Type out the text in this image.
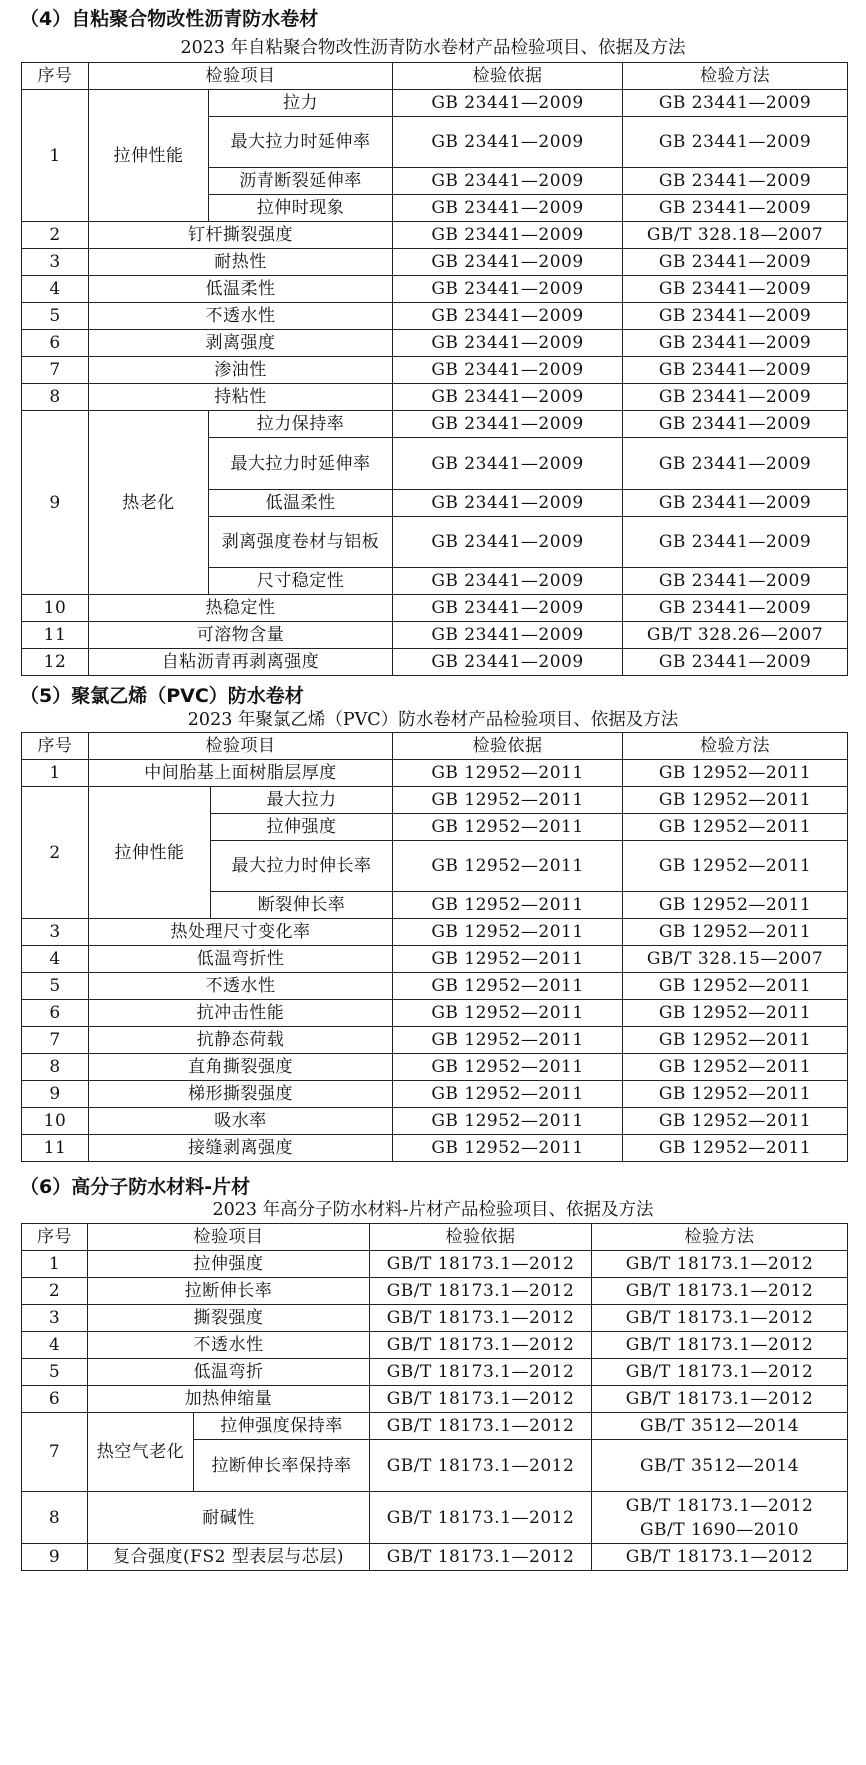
（4）自粘聚合物改性沥青防水卷材
2023 年自粘聚合物改性沥青防水卷材产品检验项目、依据及方法
序号	检验项目		检验依据	检验方法
1	拉伸性能	拉力	GB 23441—2009	GB 23441—2009
		最大拉力时延伸率	GB 23441—2009	GB 23441—2009
		沥青断裂延伸率	GB 23441—2009	GB 23441—2009
		拉伸时现象	GB 23441—2009	GB 23441—2009
2	钉杆撕裂强度		GB 23441—2009	GB/T 328.18—2007
3	耐热性		GB 23441—2009	GB 23441—2009
4	低温柔性		GB 23441—2009	GB 23441—2009
5	不透水性		GB 23441—2009	GB 23441—2009
6	剥离强度		GB 23441—2009	GB 23441—2009
7	渗油性		GB 23441—2009	GB 23441—2009
8	持粘性		GB 23441—2009	GB 23441—2009
9	热老化	拉力保持率	GB 23441—2009	GB 23441—2009
		最大拉力时延伸率	GB 23441—2009	GB 23441—2009
		低温柔性	GB 23441—2009	GB 23441—2009
		剥离强度卷材与铝板	GB 23441—2009	GB 23441—2009
		尺寸稳定性	GB 23441—2009	GB 23441—2009
10	热稳定性		GB 23441—2009	GB 23441—2009
11	可溶物含量		GB 23441—2009	GB/T 328.26—2007
12	自粘沥青再剥离强度		GB 23441—2009	GB 23441—2009
（5）聚氯乙烯（PVC）防水卷材
2023 年聚氯乙烯（PVC）防水卷材产品检验项目、依据及方法
序号	检验项目		检验依据	检验方法
1	中间胎基上面树脂层厚度		GB 12952—2011	GB 12952—2011
2	拉伸性能	最大拉力	GB 12952—2011	GB 12952—2011
		拉伸强度	GB 12952—2011	GB 12952—2011
		最大拉力时伸长率	GB 12952—2011	GB 12952—2011
		断裂伸长率	GB 12952—2011	GB 12952—2011
3	热处理尺寸变化率		GB 12952—2011	GB 12952—2011
4	低温弯折性		GB 12952—2011	GB/T 328.15—2007
5	不透水性		GB 12952—2011	GB 12952—2011
6	抗冲击性能		GB 12952—2011	GB 12952—2011
7	抗静态荷载		GB 12952—2011	GB 12952—2011
8	直角撕裂强度		GB 12952—2011	GB 12952—2011
9	梯形撕裂强度		GB 12952—2011	GB 12952—2011
10	吸水率		GB 12952—2011	GB 12952—2011
11	接缝剥离强度		GB 12952—2011	GB 12952—2011
（6）高分子防水材料-片材
2023 年高分子防水材料-片材产品检验项目、依据及方法
序号	检验项目		检验依据	检验方法
1	拉伸强度		GB/T 18173.1—2012	GB/T 18173.1—2012
2	拉断伸长率		GB/T 18173.1—2012	GB/T 18173.1—2012
3	撕裂强度		GB/T 18173.1—2012	GB/T 18173.1—2012
4	不透水性		GB/T 18173.1—2012	GB/T 18173.1—2012
5	低温弯折		GB/T 18173.1—2012	GB/T 18173.1—2012
6	加热伸缩量		GB/T 18173.1—2012	GB/T 18173.1—2012
7	热空气老化	拉伸强度保持率	GB/T 18173.1—2012	GB/T 3512—2014
		拉断伸长率保持率	GB/T 18173.1—2012	GB/T 3512—2014
8	耐碱性		GB/T 18173.1—2012	GB/T 18173.1—2012
GB/T 1690—2010

9	复合强度(FS2 型表层与芯层)		GB/T 18173.1—2012	GB/T 18173.1—2012
